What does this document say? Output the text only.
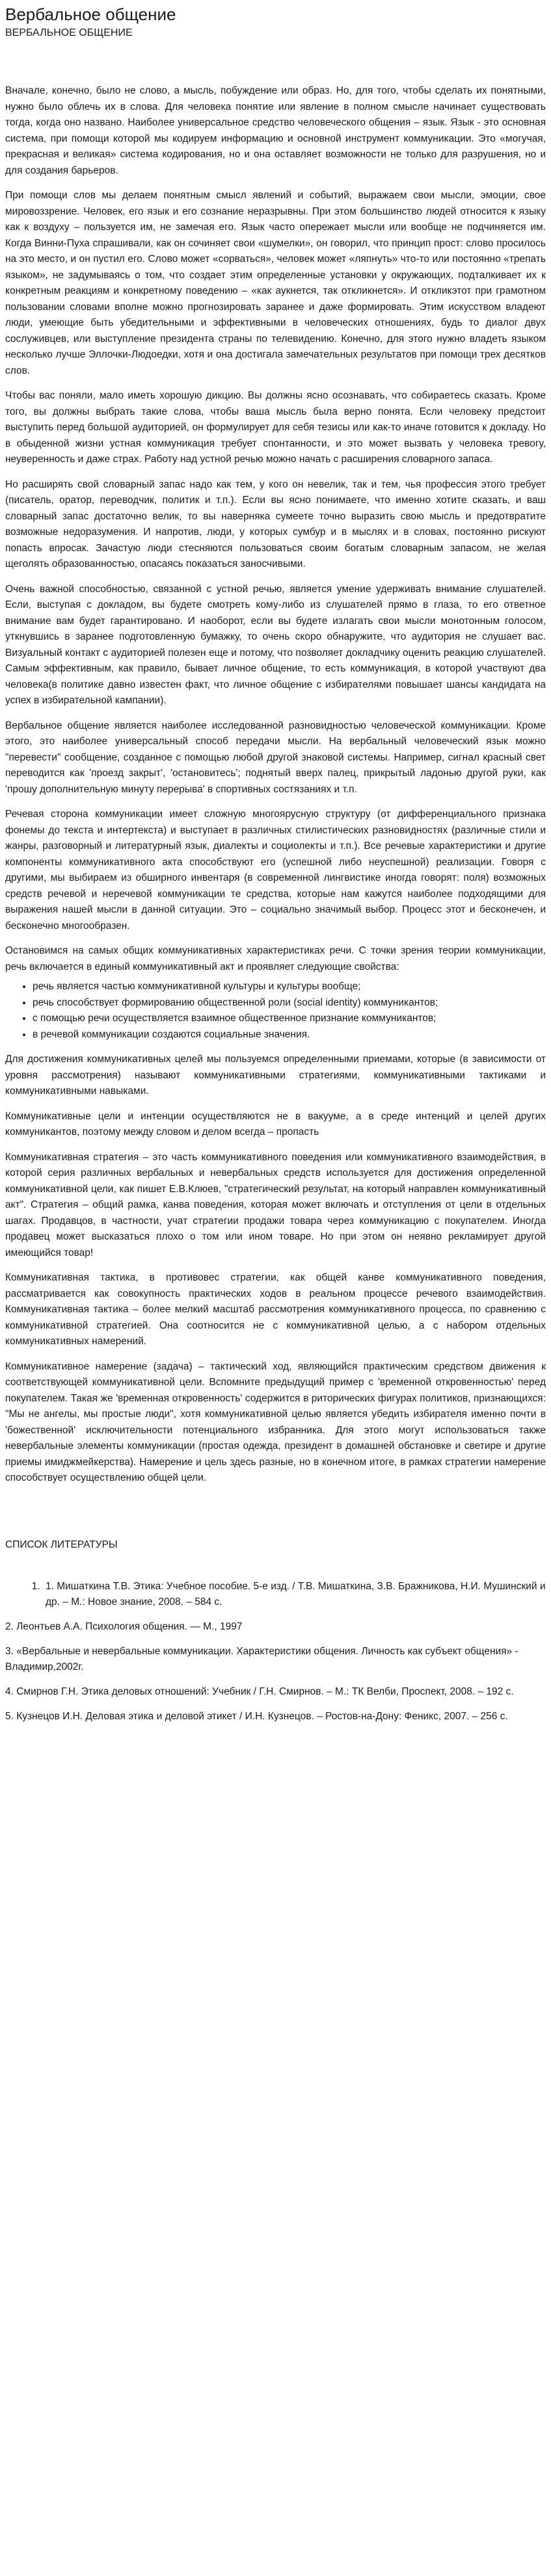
Вербальное общение
ВЕРБАЛЬНОЕ ОБЩЕНИЕ

Вначале, конечно, было не слово, а мысль, побуждение или образ. Но, для того, чтобы сделать их понятными, нужно было облечь их в слова. Для человека понятие или явление в полном смысле начинает существовать тогда, когда оно названо. Наиболее универсальное средство человеческого общения – язык. Язык - это основная система, при помощи которой мы кодируем информацию и основной инструмент коммуникации. Это «могучая, прекрасная и великая» система кодирования, но и она оставляет возможности не только для разрушения, но и для создания барьеров.

При помощи слов мы делаем понятным смысл явлений и событий, выражаем свои мысли, эмоции, свое мировоззрение. Человек, его язык и его сознание неразрывны. При этом большинство людей относится к языку как к воздуху – пользуется им, не замечая его. Язык часто опережает мысли или вообще не подчиняется им. Когда Винни-Пуха спрашивали, как он сочиняет свои «шумелки», он говорил, что принцип прост: слово просилось на это место, и он пустил его. Слово может «сорваться», человек может «ляпнуть» что-то или постоянно «трепать языком», не задумываясь о том, что создает этим определенные установки у окружающих, подталкивает их к конкретным реакциям и конкретному поведению – «как аукнется, так откликнется». И откликэтот при грамотном пользовании словами вполне можно прогнозировать заранее и даже формировать. Этим искусством владеют люди, умеющие быть убедительными и эффективными в человеческих отношениях, будь то диалог двух сослуживцев, или выступление президента страны по телевидению. Конечно, для этого нужно владеть языком несколько лучше Эллочки-Людоедки, хотя и она достигала замечательных результатов при помощи трех десятков слов.

Чтобы вас поняли, мало иметь хорошую дикцию. Вы должны ясно осознавать, что собираетесь сказать. Кроме того, вы должны выбрать такие слова, чтобы ваша мысль была верно понята. Если человеку предстоит выступить перед большой аудиторией, он формулирует для себя тезисы или как-то иначе готовится к докладу. Но в обыденной жизни устная коммуникация требует спонтанности, и это может вызвать у человека тревогу, неуверенность и даже страх. Работу над устной речью можно начать с расширения словарного запаса.

Но расширять свой словарный запас надо как тем, у кого он невелик, так и тем, чья профессия этого требует (писатель, оратор, переводчик, политик и т.п.). Если вы ясно понимаете, что именно хотите сказать, и ваш словарный запас достаточно велик, то вы наверняка сумеете точно выразить свою мысль и предотвратите возможные недоразумения. И напротив, люди, у которых сумбур и в мыслях и в словах, постоянно рискуют попасть впросак. Зачастую люди стесняются пользоваться своим богатым словарным запасом, не желая щеголять образованностью, опасаясь показаться заносчивыми.

Очень важной способностью, связанной с устной речью, является умение удерживать внимание слушателей. Если, выступая с докладом, вы будете смотреть кому-либо из слушателей прямо в глаза, то его ответное внимание вам будет гарантировано. И наоборот, если вы будете излагать свои мысли монотонным голосом, уткнувшись в заранее подготовленную бумажку, то очень скоро обнаружите, что аудитория не слушает вас. Визуальный контакт с аудиторией полезен еще и потому, что позволяет докладчику оценить реакцию слушателей. Самым эффективным, как правило, бывает личное общение, то есть коммуникация, в которой участвуют два человека(в политике давно известен факт, что личное общение с избирателями повышает шансы кандидата на успех в избирательной кампании).

Вербальное общение является наиболее исследованной разновидностью человеческой коммуникации. Кроме этого, это наиболее универсальный способ передачи мысли. На вербальный человеческий язык можно "перевести" сообщение, созданное с помощью любой другой знаковой системы. Например, сигнал красный свет переводится как 'проезд закрыт', 'остановитесь'; поднятый вверх палец, прикрытый ладонью другой руки, как 'прошу дополнительную минуту перерыва' в спортивных состязаниях и т.п.

Речевая сторона коммуникации имеет сложную многоярусную структуру (от дифференциального признака фонемы до текста и интертекста) и выступает в различных стилистических разновидностях (различные стили и жанры, разговорный и литературный язык, диалекты и социолекты и т.п.). Все речевые характеристики и другие компоненты коммуникативного акта способствуют его (успешной либо неуспешной) реализации. Говоря с другими, мы выбираем из обширного инвентаря (в современной лингвистике иногда говорят: поля) возможных средств речевой и неречевой коммуникации те средства, которые нам кажутся наиболее подходящими для выражения нашей мысли в данной ситуации. Это – социально значимый выбор. Процесс этот и бесконечен, и бесконечно многообразен.

Остановимся на самых общих коммуникативных характеристиках речи. С точки зрения теории коммуникации, речь включается в единый коммуникативный акт и проявляет следующие свойства:

• речь является частью коммуникативной культуры и культуры вообще;
• речь способствует формированию общественной роли (social identity) коммуникантов;
• с помощью речи осуществляется взаимное общественное признание коммуникантов;
• в речевой коммуникации создаются социальные значения.

Для достижения коммуникативных целей мы пользуемся определенными приемами, которые (в зависимости от уровня рассмотрения) называют коммуникативными стратегиями, коммуникативными тактиками и коммуникативными навыками.

Коммуникативные цели и интенции осуществляются не в вакууме, а в среде интенций и целей других коммуникантов, поэтому между словом и делом всегда – пропасть

Коммуникативная стратегия – это часть коммуникативного поведения или коммуникативного взаимодействия, в которой серия различных вербальных и невербальных средств используется для достижения определенной коммуникативной цели, как пишет Е.В.Клюев, "стратегический результат, на который направлен коммуникативный акт". Стратегия – общий рамка, канва поведения, которая может включать и отступления от цели в отдельных шагах. Продавцов, в частности, учат стратегии продажи товара через коммуникацию с покупателем. Иногда продавец может высказаться плохо о том или ином товаре. Но при этом он неявно рекламирует другой имеющийся товар!

Коммуникативная тактика, в противовес стратегии, как общей канве коммуникативного поведения, рассматривается как совокупность практических ходов в реальном процессе речевого взаимодействия. Коммуникативная тактика – более мелкий масштаб рассмотрения коммуникативного процесса, по сравнению с коммуникативной стратегией. Она соотносится не с коммуникативной целью, а с набором отдельных коммуникативных намерений.

Коммуникативное намерение (задача) – тактический ход, являющийся практическим средством движения к соответствующей коммуникативной цели. Вспомните предыдущий пример с 'временной откровенностью' перед покупателем. Такая же 'временная откровенность' содержится в риторических фигурах политиков, признающихся: "Мы не ангелы, мы простые люди", хотя коммуникативной целью является убедить избирателя именно почти в 'божественной' исключительности потенциального избранника. Для этого могут использоваться также невербальные элементы коммуникации (простая одежда, президент в домашней обстановке и светире и другие приемы имиджмейкерства). Намерение и цель здесь разные, но в конечном итоге, в рамках стратегии намерение способствует осуществлению общей цели.

СПИСОК ЛИТЕРАТУРЫ
1. 1. Мишаткина Т.В. Этика: Учебное пособие. 5-е изд. / Т.В. Мишаткина, З.В. Бражникова, Н.И. Мушинский и др. – М.: Новое знание, 2008. – 584 с.
2. Леонтьев А.А. Психология общения. — М., 1997
3. «Вербальные и невербальные коммуникации. Характеристики общения. Личность как субъект общения» - Владимир,2002г.
4. Смирнов Г.Н. Этика деловых отношений: Учебник / Г.Н. Смирнов. – М.: ТК Велби, Проспект, 2008. – 192 с.
5. Кузнецов И.Н. Деловая этика и деловой этикет / И.Н. Кузнецов. – Ростов-на-Дону: Феникс, 2007. – 256 с.
